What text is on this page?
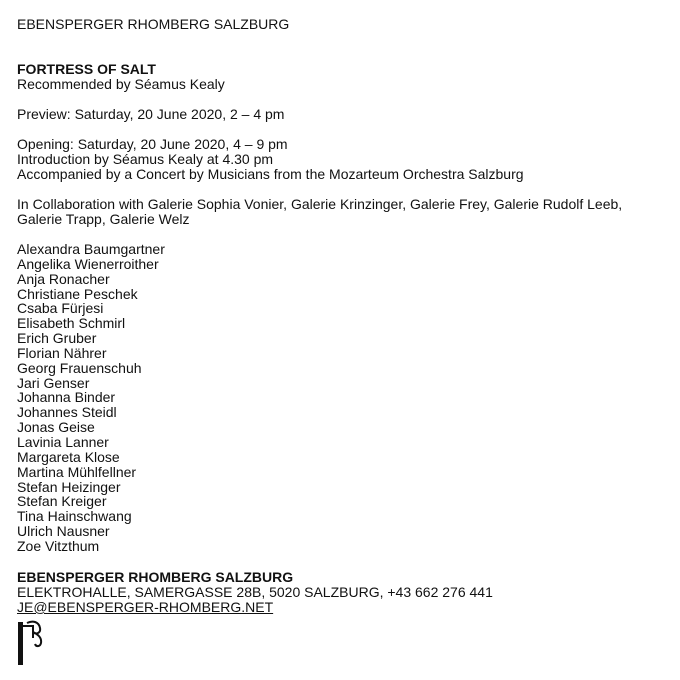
EBENSPERGER RHOMBERG SALZBURG
FORTRESS OF SALT
Recommended by Séamus Kealy
Preview: Saturday, 20 June 2020, 2 – 4 pm
Opening: Saturday, 20 June 2020, 4 – 9 pm
Introduction by Séamus Kealy at 4.30 pm
Accompanied by a Concert by Musicians from the Mozarteum Orchestra Salzburg
In Collaboration with Galerie Sophia Vonier, Galerie Krinzinger, Galerie Frey, Galerie Rudolf Leeb, Galerie Trapp, Galerie Welz
Alexandra Baumgartner
Angelika Wienerroither
Anja Ronacher
Christiane Peschek
Csaba Fürjesi
Elisabeth Schmirl
Erich Gruber
Florian Nährer
Georg Frauenschuh
Jari Genser
Johanna Binder
Johannes Steidl
Jonas Geise
Lavinia Lanner
Margareta Klose
Martina Mühlfellner
Stefan Heizinger
Stefan Kreiger
Tina Hainschwang
Ulrich Nausner
Zoe Vitzthum
EBENSPERGER RHOMBERG SALZBURG
ELEKTROHALLE, SAMERGASSE 28B, 5020 SALZBURG, +43 662 276 441
JE@EBENSPERGER-RHOMBERG.NET
